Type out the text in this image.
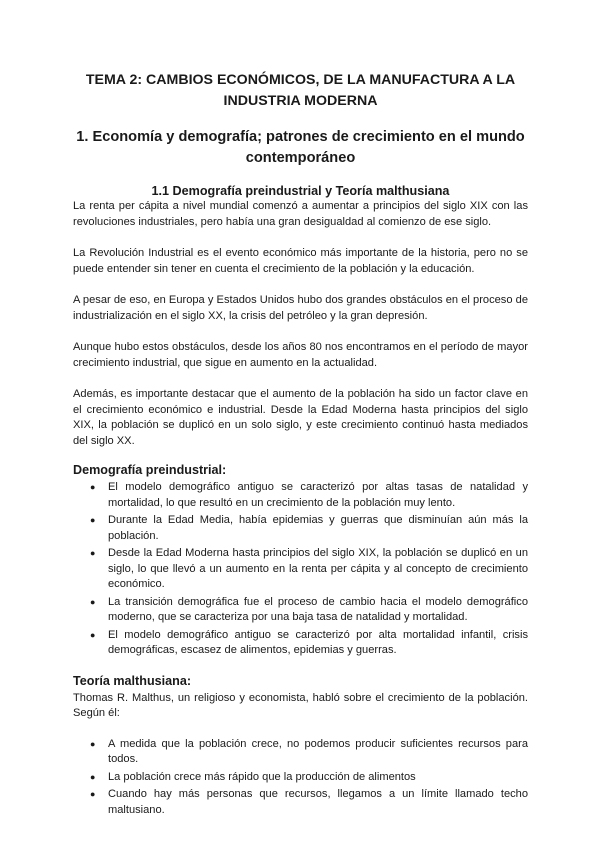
TEMA 2: CAMBIOS ECONÓMICOS, DE LA MANUFACTURA A LA INDUSTRIA MODERNA
1. Economía y demografía; patrones de crecimiento en el mundo contemporáneo
1.1 Demografía preindustrial y Teoría malthusiana

La renta per cápita a nivel mundial comenzó a aumentar a principios del siglo XIX con las revoluciones industriales, pero había una gran desigualdad al comienzo de ese siglo.

La Revolución Industrial es el evento económico más importante de la historia, pero no se puede entender sin tener en cuenta el crecimiento de la población y la educación.

A pesar de eso, en Europa y Estados Unidos hubo dos grandes obstáculos en el proceso de industrialización en el siglo XX, la crisis del petróleo y la gran depresión.

Aunque hubo estos obstáculos, desde los años 80 nos encontramos en el período de mayor crecimiento industrial, que sigue en aumento en la actualidad.

Además, es importante destacar que el aumento de la población ha sido un factor clave en el crecimiento económico e industrial. Desde la Edad Moderna hasta principios del siglo XIX, la población se duplicó en un solo siglo, y este crecimiento continuó hasta mediados del siglo XX.

Demografía preindustrial:
● El modelo demográfico antiguo se caracterizó por altas tasas de natalidad y mortalidad, lo que resultó en un crecimiento de la población muy lento.
● Durante la Edad Media, había epidemias y guerras que disminuían aún más la población.
● Desde la Edad Moderna hasta principios del siglo XIX, la población se duplicó en un siglo, lo que llevó a un aumento en la renta per cápita y al concepto de crecimiento económico.
● La transición demográfica fue el proceso de cambio hacia el modelo demográfico moderno, que se caracteriza por una baja tasa de natalidad y mortalidad.
● El modelo demográfico antiguo se caracterizó por alta mortalidad infantil, crisis demográficas, escasez de alimentos, epidemias y guerras.
Teoría malthusiana:

Thomas R. Malthus, un religioso y economista, habló sobre el crecimiento de la población. Según él:

● A medida que la población crece, no podemos producir suficientes recursos para todos.
● La población crece más rápido que la producción de alimentos
● Cuando hay más personas que recursos, llegamos a un límite llamado techo maltusiano.
